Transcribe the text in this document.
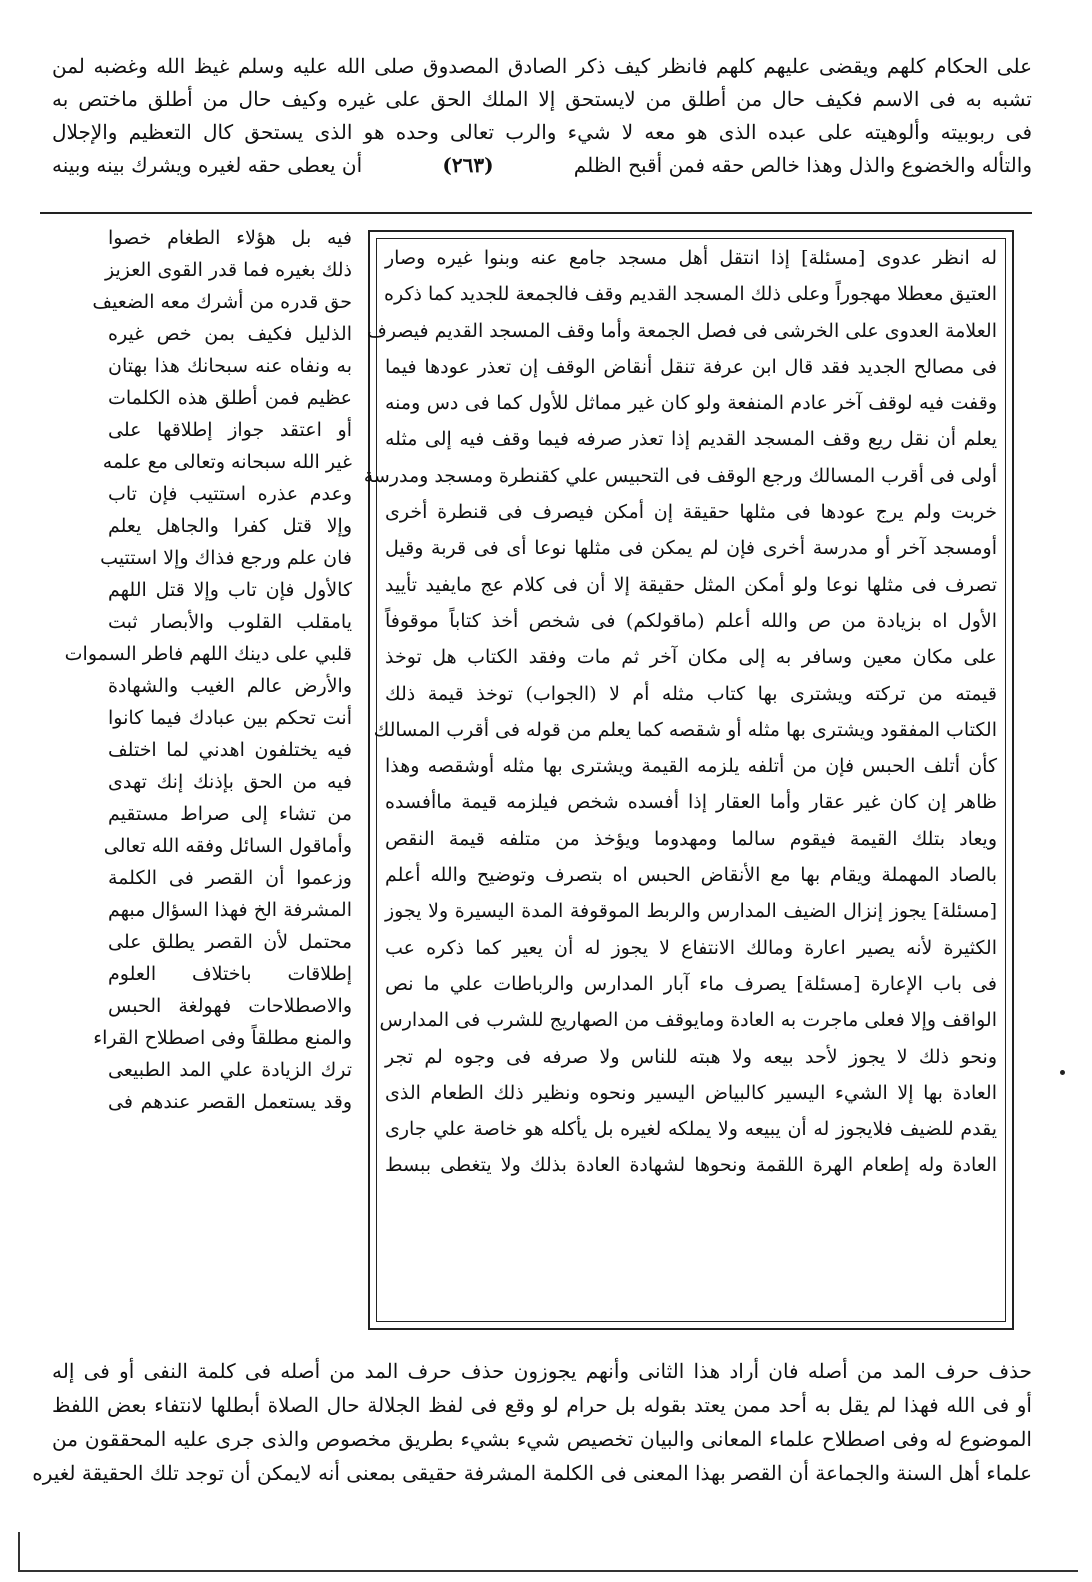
على الحكام كلهم ويقضى عليهم كلهم فانظر كيف ذكر الصادق المصدوق صلى الله عليه وسلم غيظ الله وغضبه لمن
تشبه به فى الاسم فكيف حال من أطلق من لايستحق إلا الملك الحق على غيره وكيف حال من أطلق ماختص به
فى ربوبيته وألوهيته على عبده الذى هو معه لا شيء والرب تعالى وحده هو الذى يستحق كال التعظيم والإجلال
والتأله والخضوع والذل وهذا خالص حقه فمن أقبح الظلم
(٢٦٣)
أن يعطى حقه لغيره ويشرك بينه وبينه
فيه بل هؤلاء الطغام خصوا
ذلك بغيره فما قدر القوى العزيز
حق قدره من أشرك معه الضعيف
الذليل فكيف بمن خص غيره
به ونفاه عنه سبحانك هذا بهتان
عظيم فمن أطلق هذه الكلمات
أو اعتقد جواز إطلاقها على
غير الله سبحانه وتعالى مع علمه
وعدم عذره استتيب فإن تاب
وإلا قتل كفرا والجاهل يعلم
فان علم ورجع فذاك وإلا استتيب
كالأول فإن تاب وإلا قتل اللهم
يامقلب القلوب والأبصار ثبت
قلبي على دينك اللهم فاطر السموات
والأرض عالم الغيب والشهادة
أنت تحكم بين عبادك فيما كانوا
فيه يختلفون اهدني لما اختلف
فيه من الحق بإذنك إنك تهدى
من تشاء إلى صراط مستقيم
وأماقول السائل وفقه الله تعالى
وزعموا أن القصر فى الكلمة
المشرفة الخ فهذا السؤال مبهم
محتمل لأن القصر يطلق على
إطلاقات باختلاف العلوم
والاصطلاحات فهولغة الحبس
والمنع مطلقاً وفى اصطلاح القراء
ترك الزيادة علي المد الطبيعى
وقد يستعمل القصر عندهم فى
له انظر عدوى [مسئلة] إذا انتقل أهل مسجد جامع عنه وبنوا غيره وصار
العتيق معطلا مهجوراً وعلى ذلك المسجد القديم وقف فالجمعة للجديد كما ذكره
العلامة العدوى على الخرشى فى فصل الجمعة وأما وقف المسجد القديم فيصرف
فى مصالح الجديد فقد قال ابن عرفة تنقل أنقاض الوقف إن تعذر عودها فيما
وقفت فيه لوقف آخر عادم المنفعة ولو كان غير مماثل للأول كما فى دس ومنه
يعلم أن نقل ريع وقف المسجد القديم إذا تعذر صرفه فيما وقف فيه إلى مثله
أولى فى أقرب المسالك ورجع الوقف فى التحبيس علي كقنطرة ومسجد ومدرسة
خربت ولم يرج عودها فى مثلها حقيقة إن أمكن فيصرف فى قنطرة أخرى
أومسجد آخر أو مدرسة أخرى فإن لم يمكن فى مثلها نوعا أى فى قربة وقيل
تصرف فى مثلها نوعا ولو أمكن المثل حقيقة إلا أن فى كلام عج مايفيد تأييد
الأول اه بزيادة من ص والله أعلم (ماقولكم) فى شخص أخذ كتاباً موقوفاً
على مكان معين وسافر به إلى مكان آخر ثم مات وفقد الكتاب هل توخذ
قيمته من تركته ويشترى بها كتاب مثله أم لا (الجواب) توخذ قيمة ذلك
الكتاب المفقود ويشترى بها مثله أو شقصه كما يعلم من قوله فى أقرب المسالك
كأن أتلف الحبس فإن من أتلفه يلزمه القيمة ويشترى بها مثله أوشقصه وهذا
ظاهر إن كان غير عقار وأما العقار إذا أفسده شخص فيلزمه قيمة ماأفسده
ويعاد بتلك القيمة فيقوم سالما ومهدوما ويؤخذ من متلفه قيمة النقص
بالصاد المهملة ويقام بها مع الأنقاض الحبس اه بتصرف وتوضيح والله أعلم
[مسئلة] يجوز إنزال الضيف المدارس والربط الموقوفة المدة اليسيرة ولا يجوز
الكثيرة لأنه يصير اعارة ومالك الانتفاع لا يجوز له أن يعير كما ذكره عب
فى باب الإعارة [مسئلة] يصرف ماء آبار المدارس والرباطات علي ما نص
الواقف وإلا فعلى ماجرت به العادة ومايوقف من الصهاريج للشرب فى المدارس
ونحو ذلك لا يجوز لأحد بيعه ولا هبته للناس ولا صرفه فى وجوه لم تجر
العادة بها إلا الشيء اليسير كالبياض اليسير ونحوه ونظير ذلك الطعام الذى
يقدم للضيف فلايجوز له أن يبيعه ولا يملكه لغيره بل يأكله هو خاصة علي جارى
العادة وله إطعام الهرة اللقمة ونحوها لشهادة العادة بذلك ولا يتغطى ببسط
حذف حرف المد من أصله فان أراد هذا الثانى وأنهم يجوزون حذف حرف المد من أصله فى كلمة النفى أو فى إله
أو فى الله فهذا لم يقل به أحد ممن يعتد بقوله بل حرام لو وقع فى لفظ الجلالة حال الصلاة أبطلها لانتفاء بعض اللفظ
الموضوع له وفى اصطلاح علماء المعانى والبيان تخصيص شيء بشيء بطريق مخصوص والذى جرى عليه المحققون من
علماء أهل السنة والجماعة أن القصر بهذا المعنى فى الكلمة المشرفة حقيقى بمعنى أنه لايمكن أن توجد تلك الحقيقة لغيره
